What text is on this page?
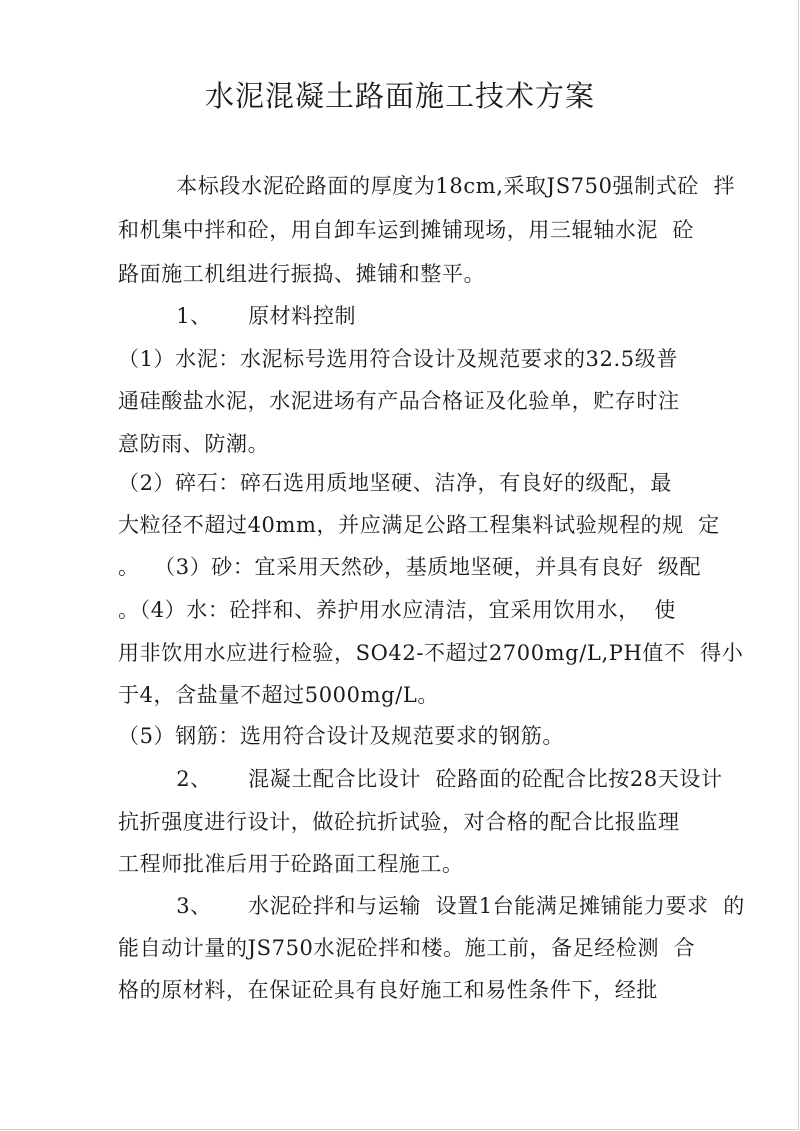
水泥混凝土路面施工技术方案
本标段水泥砼路面的厚度为18cm,采取JS750强制式砼  拌
和机集中拌和砼，用自卸车运到摊铺现场，用三辊轴水泥  砼
路面施工机组进行振捣、摊铺和整平。
1、     原材料控制
（1）水泥：水泥标号选用符合设计及规范要求的32.5级普
通硅酸盐水泥，水泥进场有产品合格证及化验单，贮存时注
意防雨、防潮。
（2）碎石：碎石选用质地坚硬、洁净，有良好的级配，最
大粒径不超过40mm，并应满足公路工程集料试验规程的规  定
。  （3）砂：宜采用天然砂，基质地坚硬，并具有良好  级配
。（4）水：砼拌和、养护用水应清洁，宜采用饮用水，  使
用非饮用水应进行检验，SO42-不超过2700mg/L,PH值不  得小
于4，含盐量不超过5000mg/L。
（5）钢筋：选用符合设计及规范要求的钢筋。
2、     混凝土配合比设计  砼路面的砼配合比按28天设计
抗折强度进行设计，做砼抗折试验，对合格的配合比报监理
工程师批准后用于砼路面工程施工。
3、     水泥砼拌和与运输  设置1台能满足摊铺能力要求  的
能自动计量的JS750水泥砼拌和楼。施工前，备足经检测  合
格的原材料，在保证砼具有良好施工和易性条件下，经批
